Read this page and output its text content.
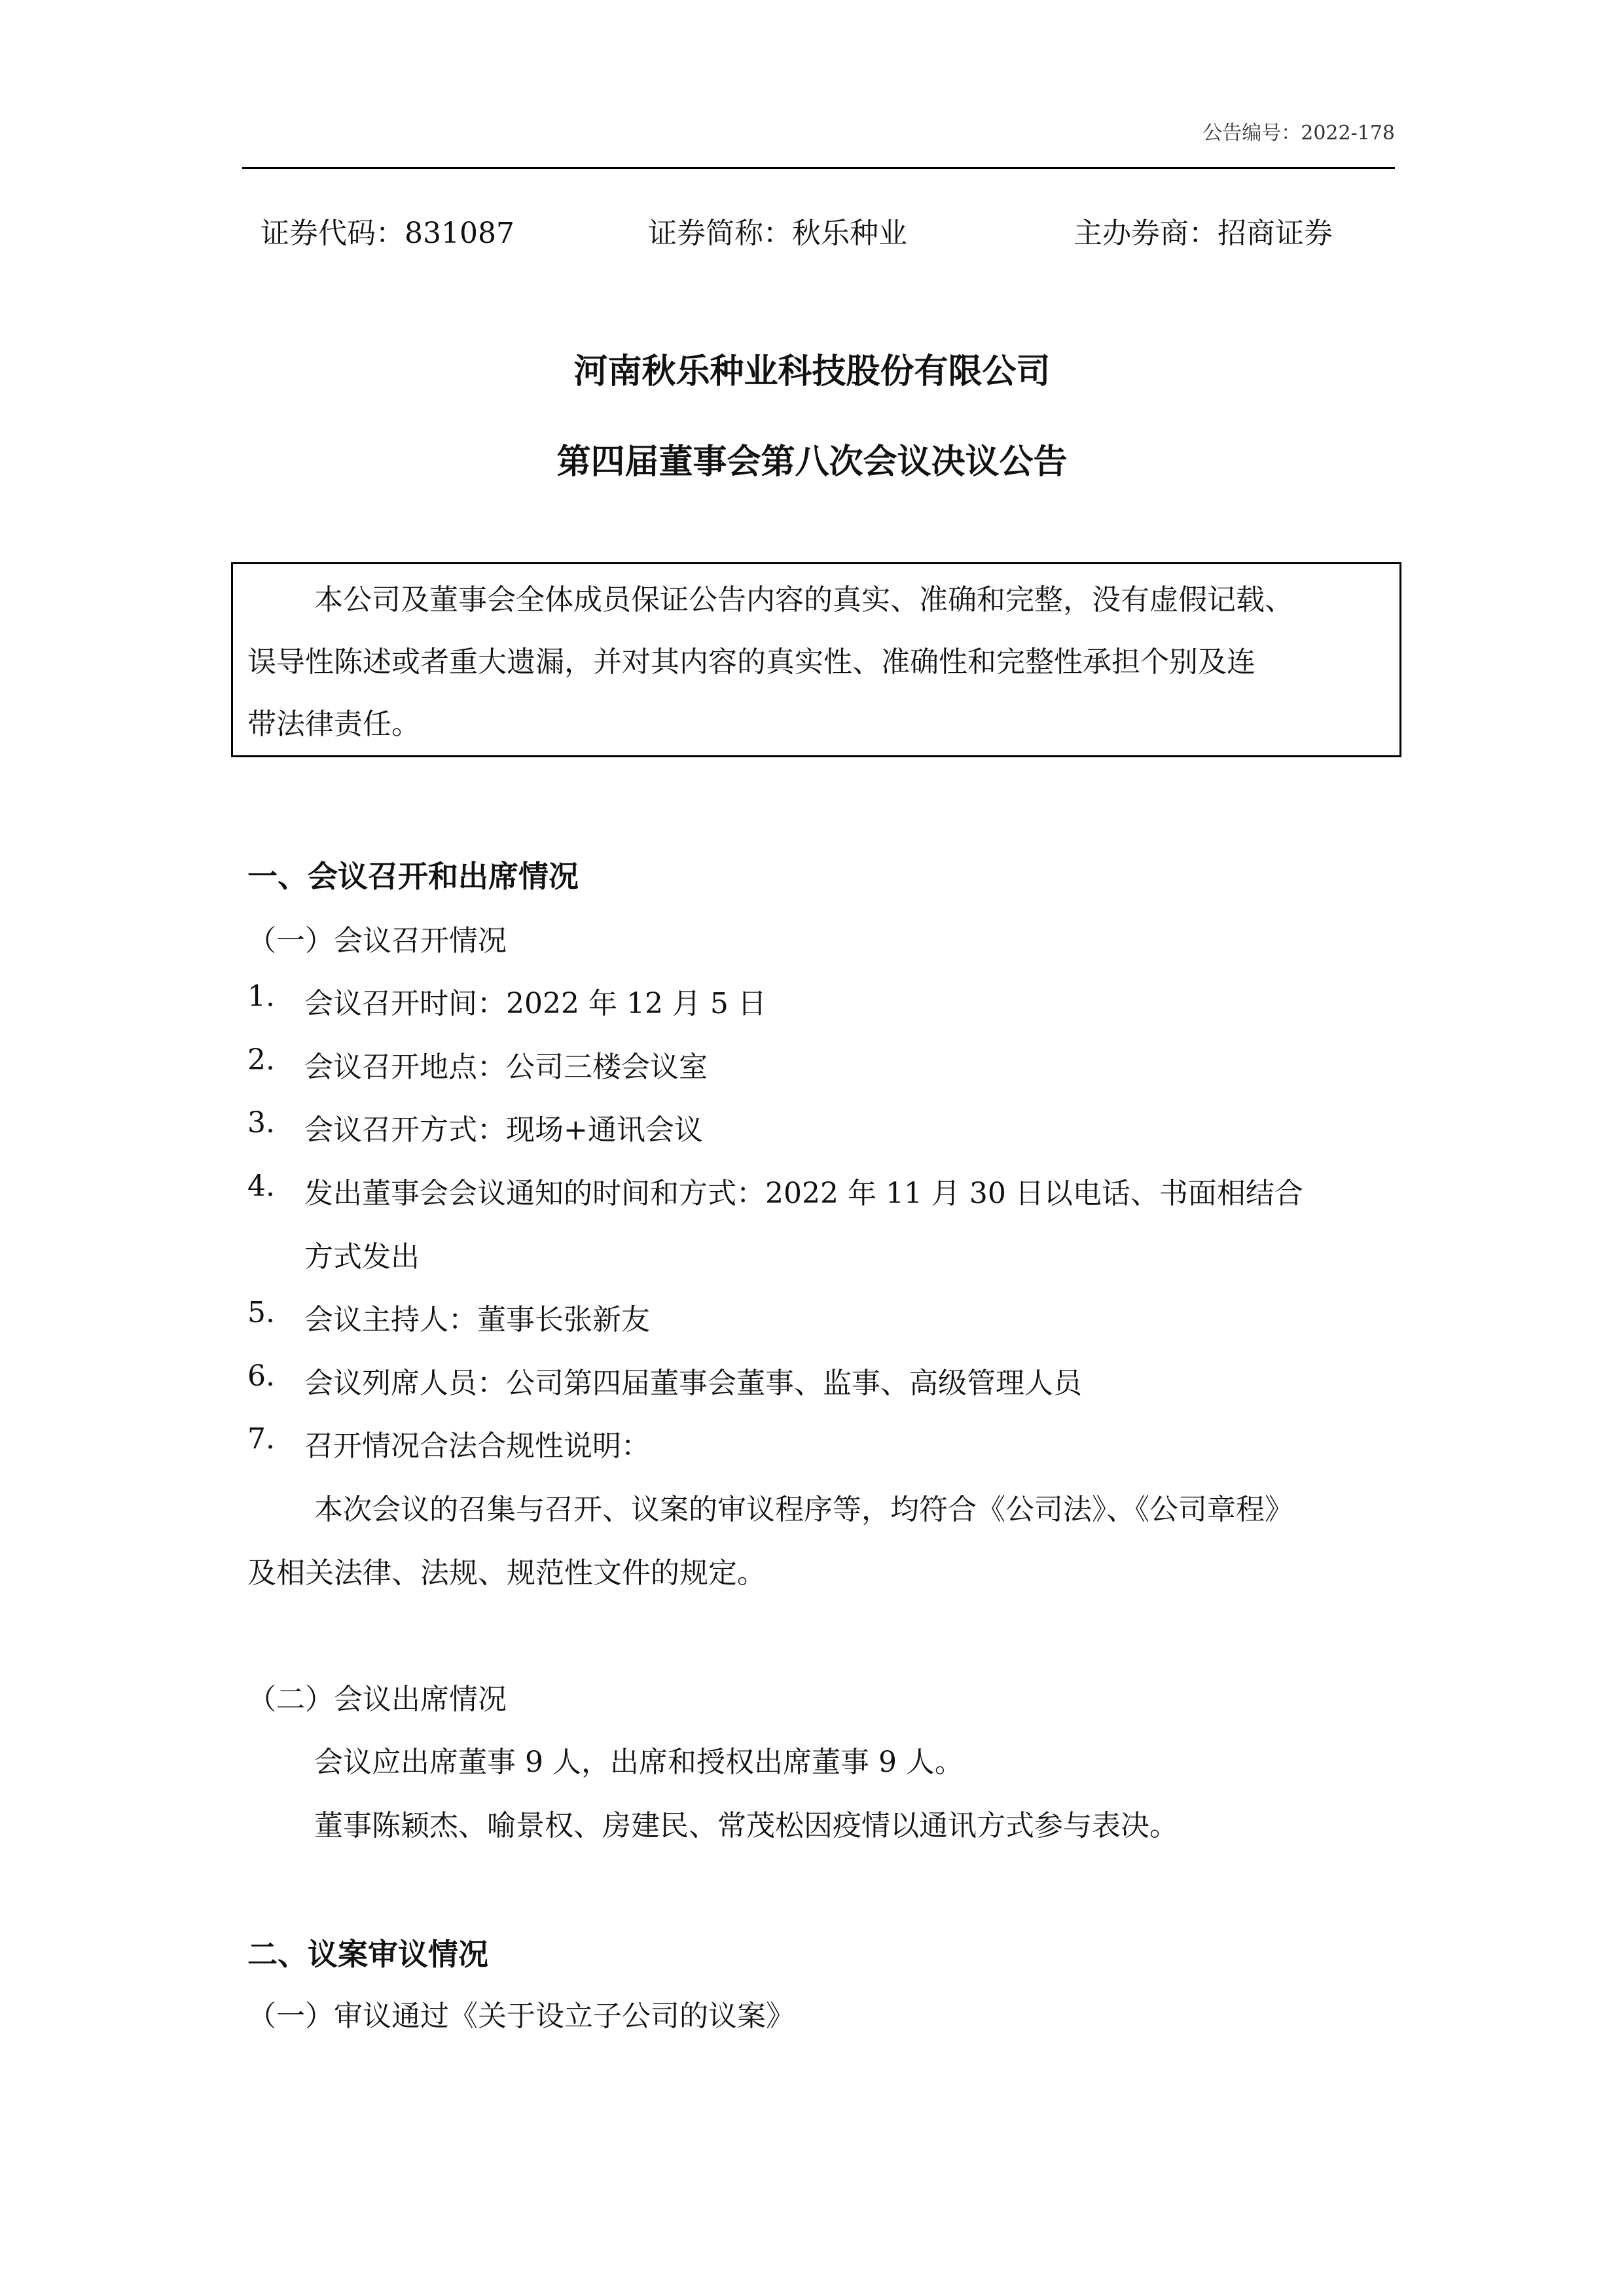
公告编号：2022-178
证券代码：831087	证券简称：秋乐种业	主办券商：招商证券
河南秋乐种业科技股份有限公司
第四届董事会第八次会议决议公告
本公司及董事会全体成员保证公告内容的真实、准确和完整，没有虚假记载、
误导性陈述或者重大遗漏，并对其内容的真实性、准确性和完整性承担个别及连
带法律责任。
一、会议召开和出席情况
（一）会议召开情况
1. 会议召开时间：2022 年 12 月 5 日
2. 会议召开地点：公司三楼会议室
3. 会议召开方式：现场+通讯会议
4. 发出董事会会议通知的时间和方式：2022 年 11 月 30 日以电话、书面相结合
方式发出
5. 会议主持人：董事长张新友
6. 会议列席人员：公司第四届董事会董事、监事、高级管理人员
7. 召开情况合法合规性说明：
本次会议的召集与召开、议案的审议程序等，均符合《公司法》、《公司章程》
及相关法律、法规、规范性文件的规定。
（二）会议出席情况
会议应出席董事 9 人，出席和授权出席董事 9 人。
董事陈颖杰、喻景权、房建民、常茂松因疫情以通讯方式参与表决。
二、议案审议情况
（一）审议通过《关于设立子公司的议案》
